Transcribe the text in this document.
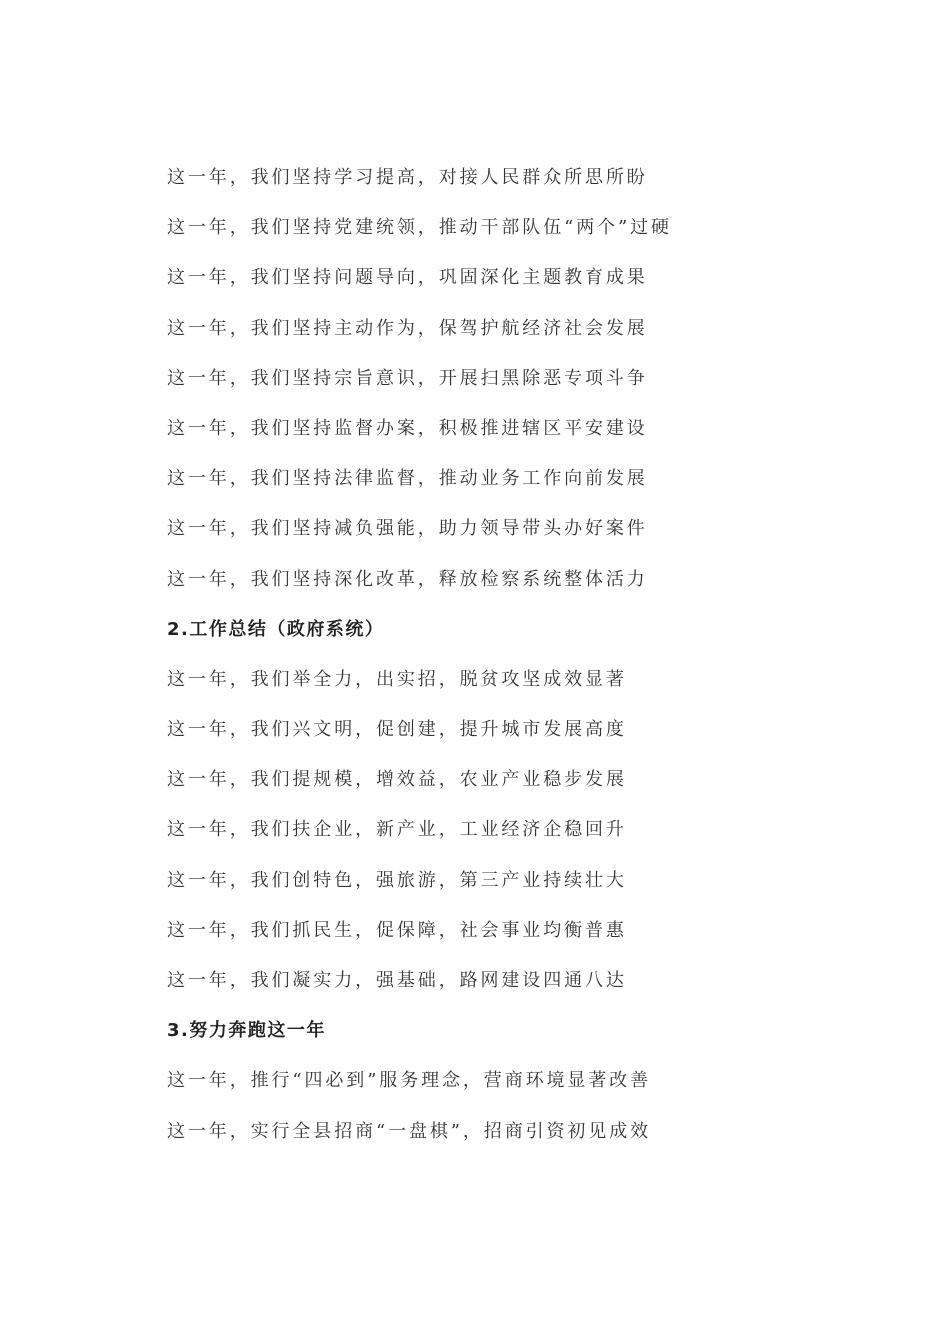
这一年，我们坚持学习提高，对接人民群众所思所盼
这一年，我们坚持党建统领，推动干部队伍“两个”过硬
这一年，我们坚持问题导向，巩固深化主题教育成果
这一年，我们坚持主动作为，保驾护航经济社会发展
这一年，我们坚持宗旨意识，开展扫黑除恶专项斗争
这一年，我们坚持监督办案，积极推进辖区平安建设
这一年，我们坚持法律监督，推动业务工作向前发展
这一年，我们坚持减负强能，助力领导带头办好案件
这一年，我们坚持深化改革，释放检察系统整体活力
2.工作总结（政府系统）
这一年，我们举全力，出实招，脱贫攻坚成效显著
这一年，我们兴文明，促创建，提升城市发展高度
这一年，我们提规模，增效益，农业产业稳步发展
这一年，我们扶企业，新产业，工业经济企稳回升
这一年，我们创特色，强旅游，第三产业持续壮大
这一年，我们抓民生，促保障，社会事业均衡普惠
这一年，我们凝实力，强基础，路网建设四通八达
3.努力奔跑这一年
这一年，推行“四必到”服务理念，营商环境显著改善
这一年，实行全县招商“一盘棋”，招商引资初见成效
